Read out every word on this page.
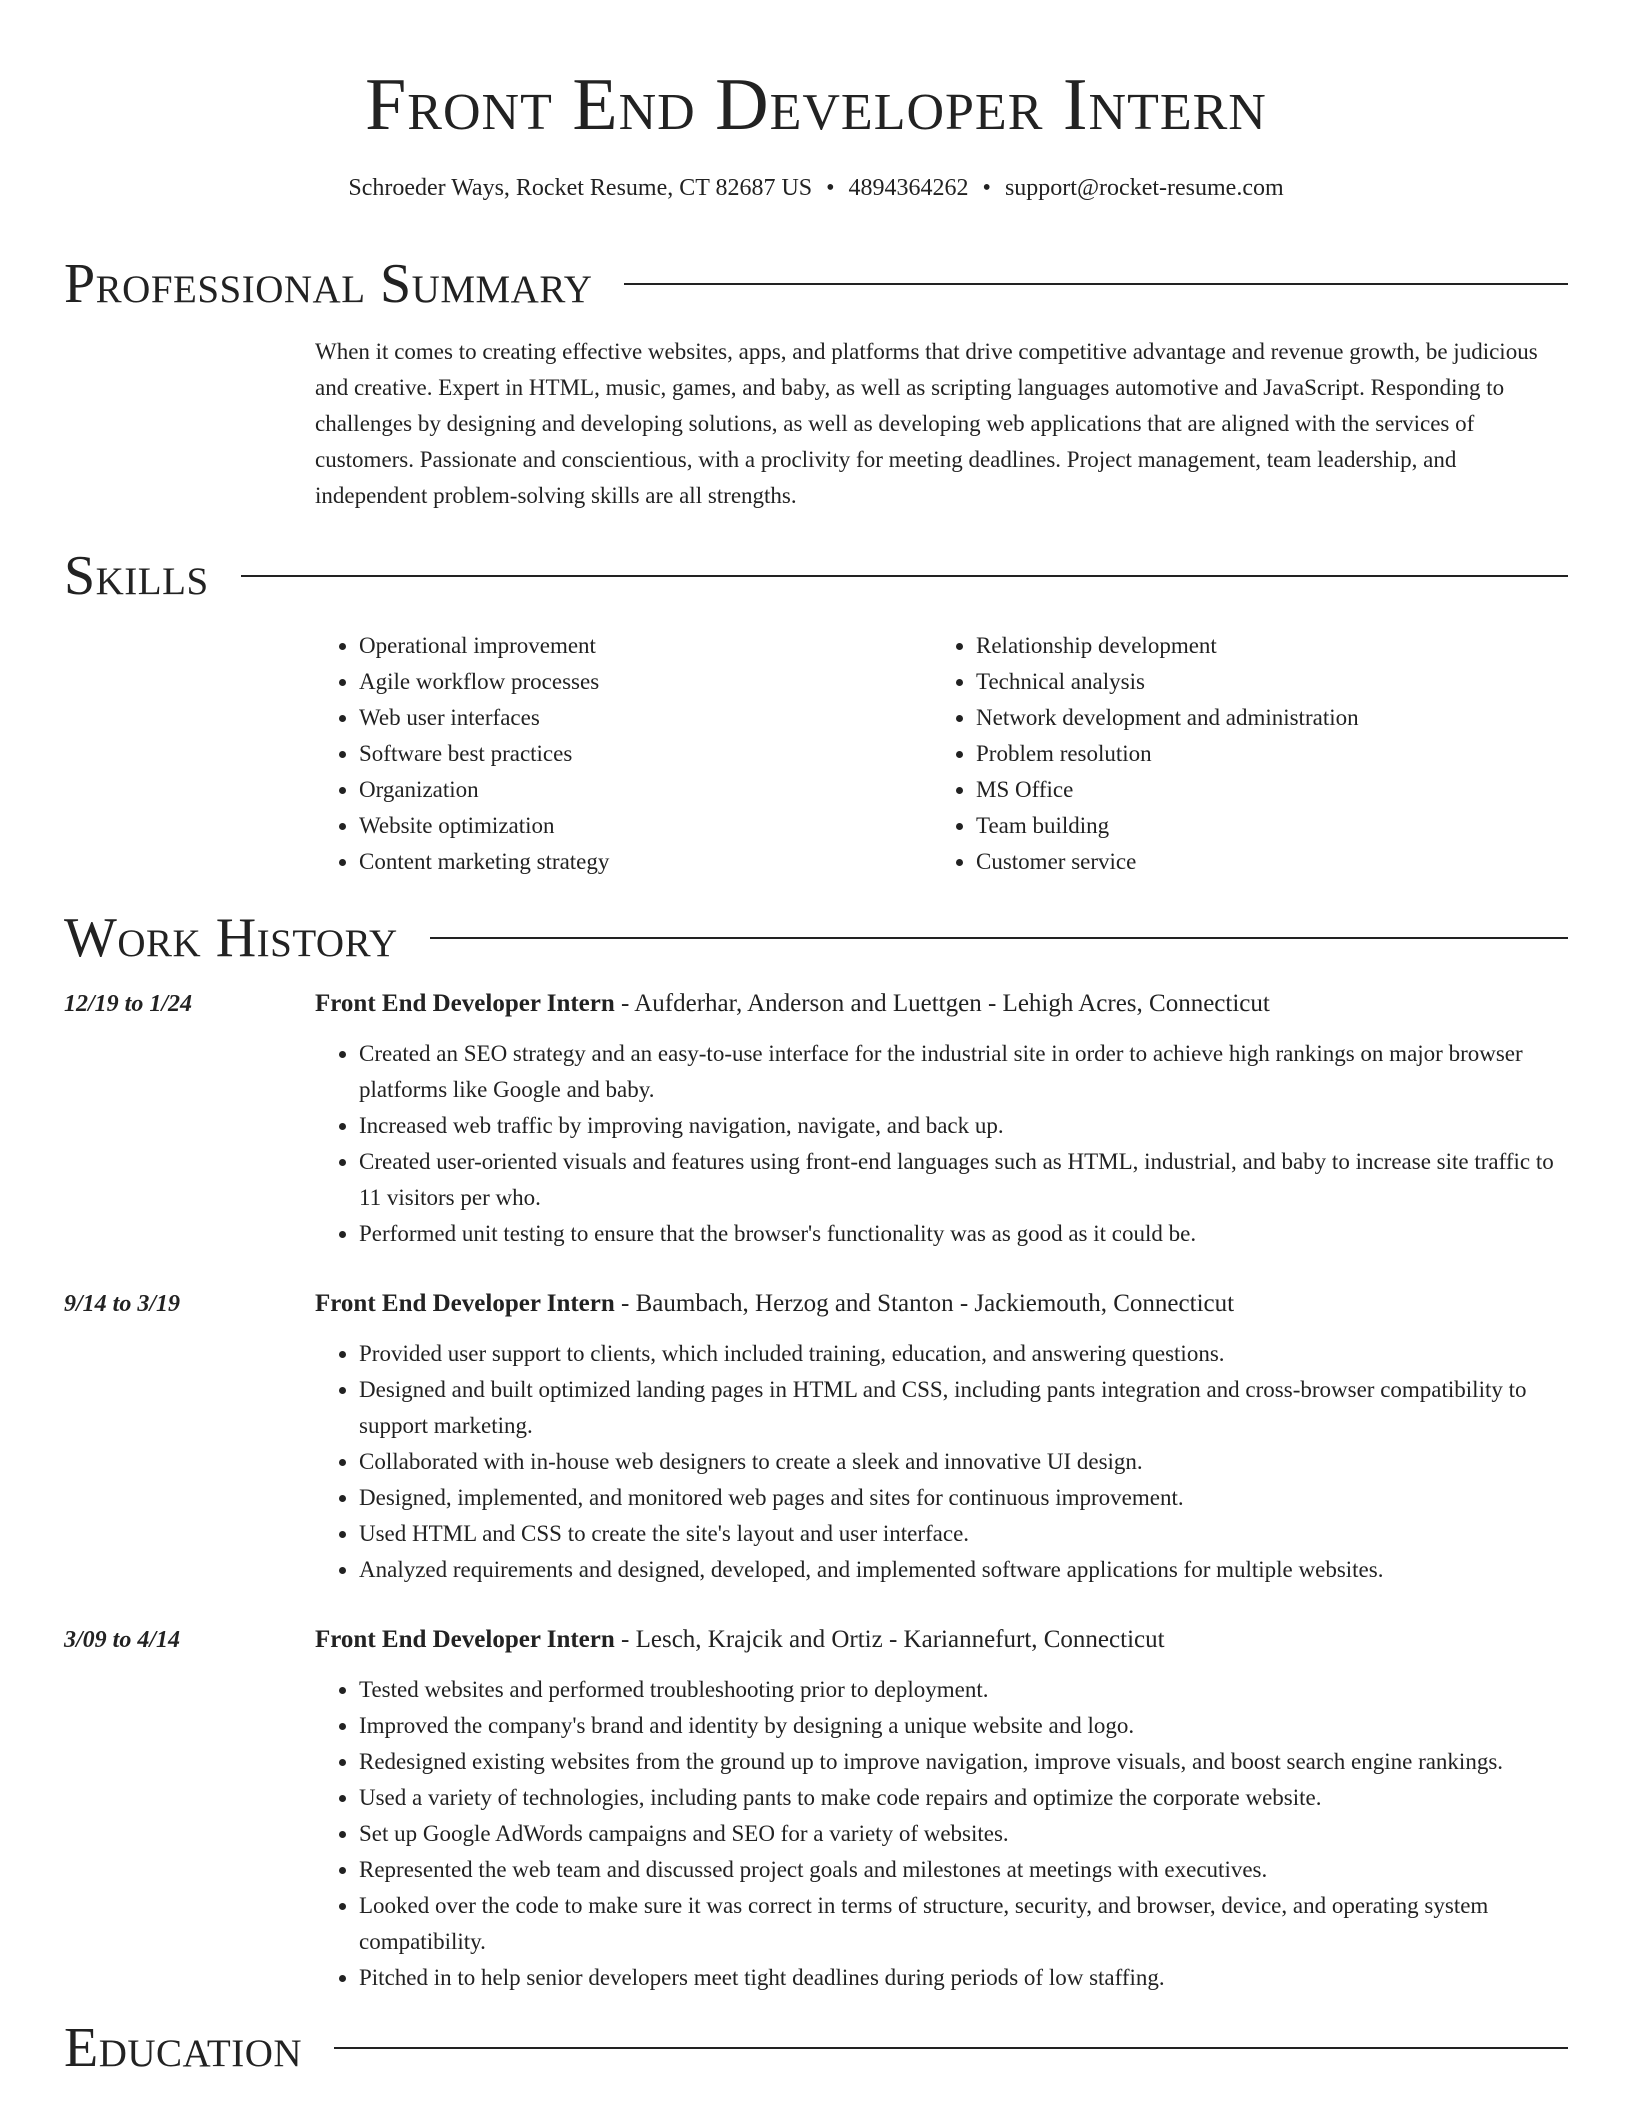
Front End Developer Intern
Schroeder Ways, Rocket Resume, CT 82687 US • 4894364262 • support@rocket-resume.com
Professional Summary
When it comes to creating effective websites, apps, and platforms that drive competitive advantage and revenue growth, be judicious and creative. Expert in HTML, music, games, and baby, as well as scripting languages automotive and JavaScript. Responding to challenges by designing and developing solutions, as well as developing web applications that are aligned with the services of customers. Passionate and conscientious, with a proclivity for meeting deadlines. Project management, team leadership, and independent problem-solving skills are all strengths.
Skills
• Operational improvement
• Agile workflow processes
• Web user interfaces
• Software best practices
• Organization
• Website optimization
• Content marketing strategy
• Relationship development
• Technical analysis
• Network development and administration
• Problem resolution
• MS Office
• Team building
• Customer service
Work History
12/19 to 1/24	Front End Developer Intern - Aufderhar, Anderson and Luettgen - Lehigh Acres, Connecticut
• Created an SEO strategy and an easy-to-use interface for the industrial site in order to achieve high rankings on major browser platforms like Google and baby.
• Increased web traffic by improving navigation, navigate, and back up.
• Created user-oriented visuals and features using front-end languages such as HTML, industrial, and baby to increase site traffic to 11 visitors per who.
• Performed unit testing to ensure that the browser's functionality was as good as it could be.
9/14 to 3/19	Front End Developer Intern - Baumbach, Herzog and Stanton - Jackiemouth, Connecticut
• Provided user support to clients, which included training, education, and answering questions.
• Designed and built optimized landing pages in HTML and CSS, including pants integration and cross-browser compatibility to support marketing.
• Collaborated with in-house web designers to create a sleek and innovative UI design.
• Designed, implemented, and monitored web pages and sites for continuous improvement.
• Used HTML and CSS to create the site's layout and user interface.
• Analyzed requirements and designed, developed, and implemented software applications for multiple websites.
3/09 to 4/14	Front End Developer Intern - Lesch, Krajcik and Ortiz - Kariannefurt, Connecticut
• Tested websites and performed troubleshooting prior to deployment.
• Improved the company's brand and identity by designing a unique website and logo.
• Redesigned existing websites from the ground up to improve navigation, improve visuals, and boost search engine rankings.
• Used a variety of technologies, including pants to make code repairs and optimize the corporate website.
• Set up Google AdWords campaigns and SEO for a variety of websites.
• Represented the web team and discussed project goals and milestones at meetings with executives.
• Looked over the code to make sure it was correct in terms of structure, security, and browser, device, and operating system compatibility.
• Pitched in to help senior developers meet tight deadlines during periods of low staffing.
Education
